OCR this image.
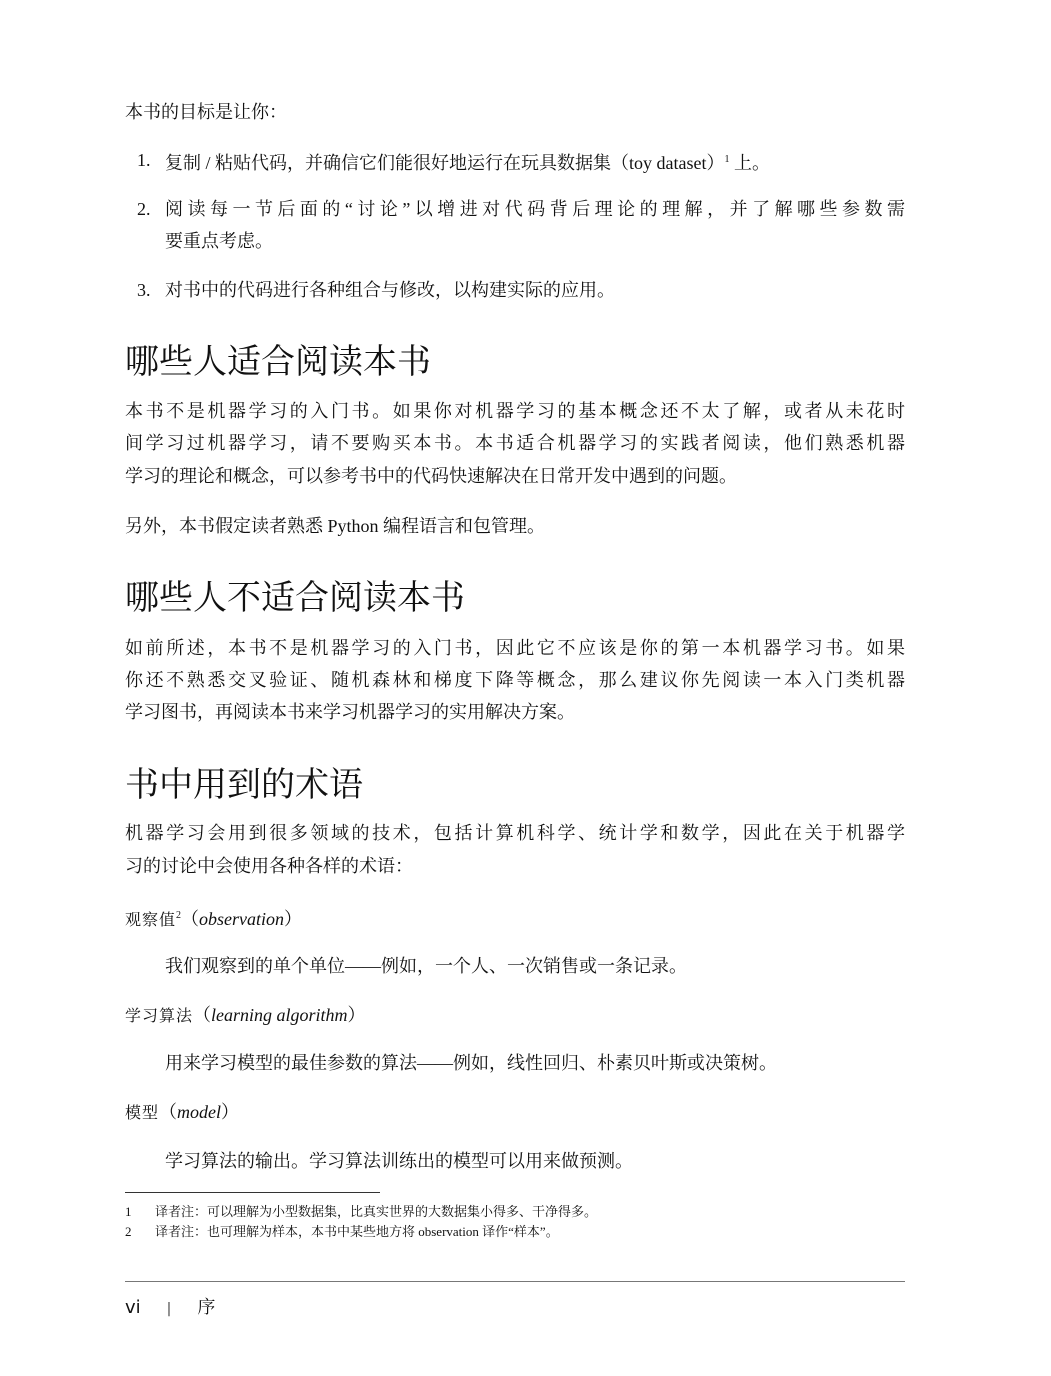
本书的目标是让你：
1. 复制 / 粘贴代码，并确信它们能很好地运行在玩具数据集（toy dataset）$^1$ 上。
2. 阅读每一节后面的“讨论”以增进对代码背后理论的理解，并了解哪些参数需
要重点考虑。
3. 对书中的代码进行各种组合与修改，以构建实际的应用。
哪些人适合阅读本书
本书不是机器学习的入门书。如果你对机器学习的基本概念还不太了解，或者从未花时
间学习过机器学习，请不要购买本书。本书适合机器学习的实践者阅读，他们熟悉机器
学习的理论和概念，可以参考书中的代码快速解决在日常开发中遇到的问题。
另外，本书假定读者熟悉 Python 编程语言和包管理。
哪些人不适合阅读本书
如前所述，本书不是机器学习的入门书，因此它不应该是你的第一本机器学习书。如果
你还不熟悉交叉验证、随机森林和梯度下降等概念，那么建议你先阅读一本入门类机器
学习图书，再阅读本书来学习机器学习的实用解决方案。
书中用到的术语
机器学习会用到很多领域的技术，包括计算机科学、统计学和数学，因此在关于机器学
习的讨论中会使用各种各样的术语：
观察值$^2$（observation）
我们观察到的单个单位——例如，一个人、一次销售或一条记录。
学习算法（learning algorithm）
用来学习模型的最佳参数的算法——例如，线性回归、朴素贝叶斯或决策树。
模型（model）
学习算法的输出。学习算法训练出的模型可以用来做预测。
1 译者注：可以理解为小型数据集，比真实世界的大数据集小得多、干净得多。
2 译者注：也可理解为样本，本书中某些地方将 observation 译作“样本”。
vi | 序
